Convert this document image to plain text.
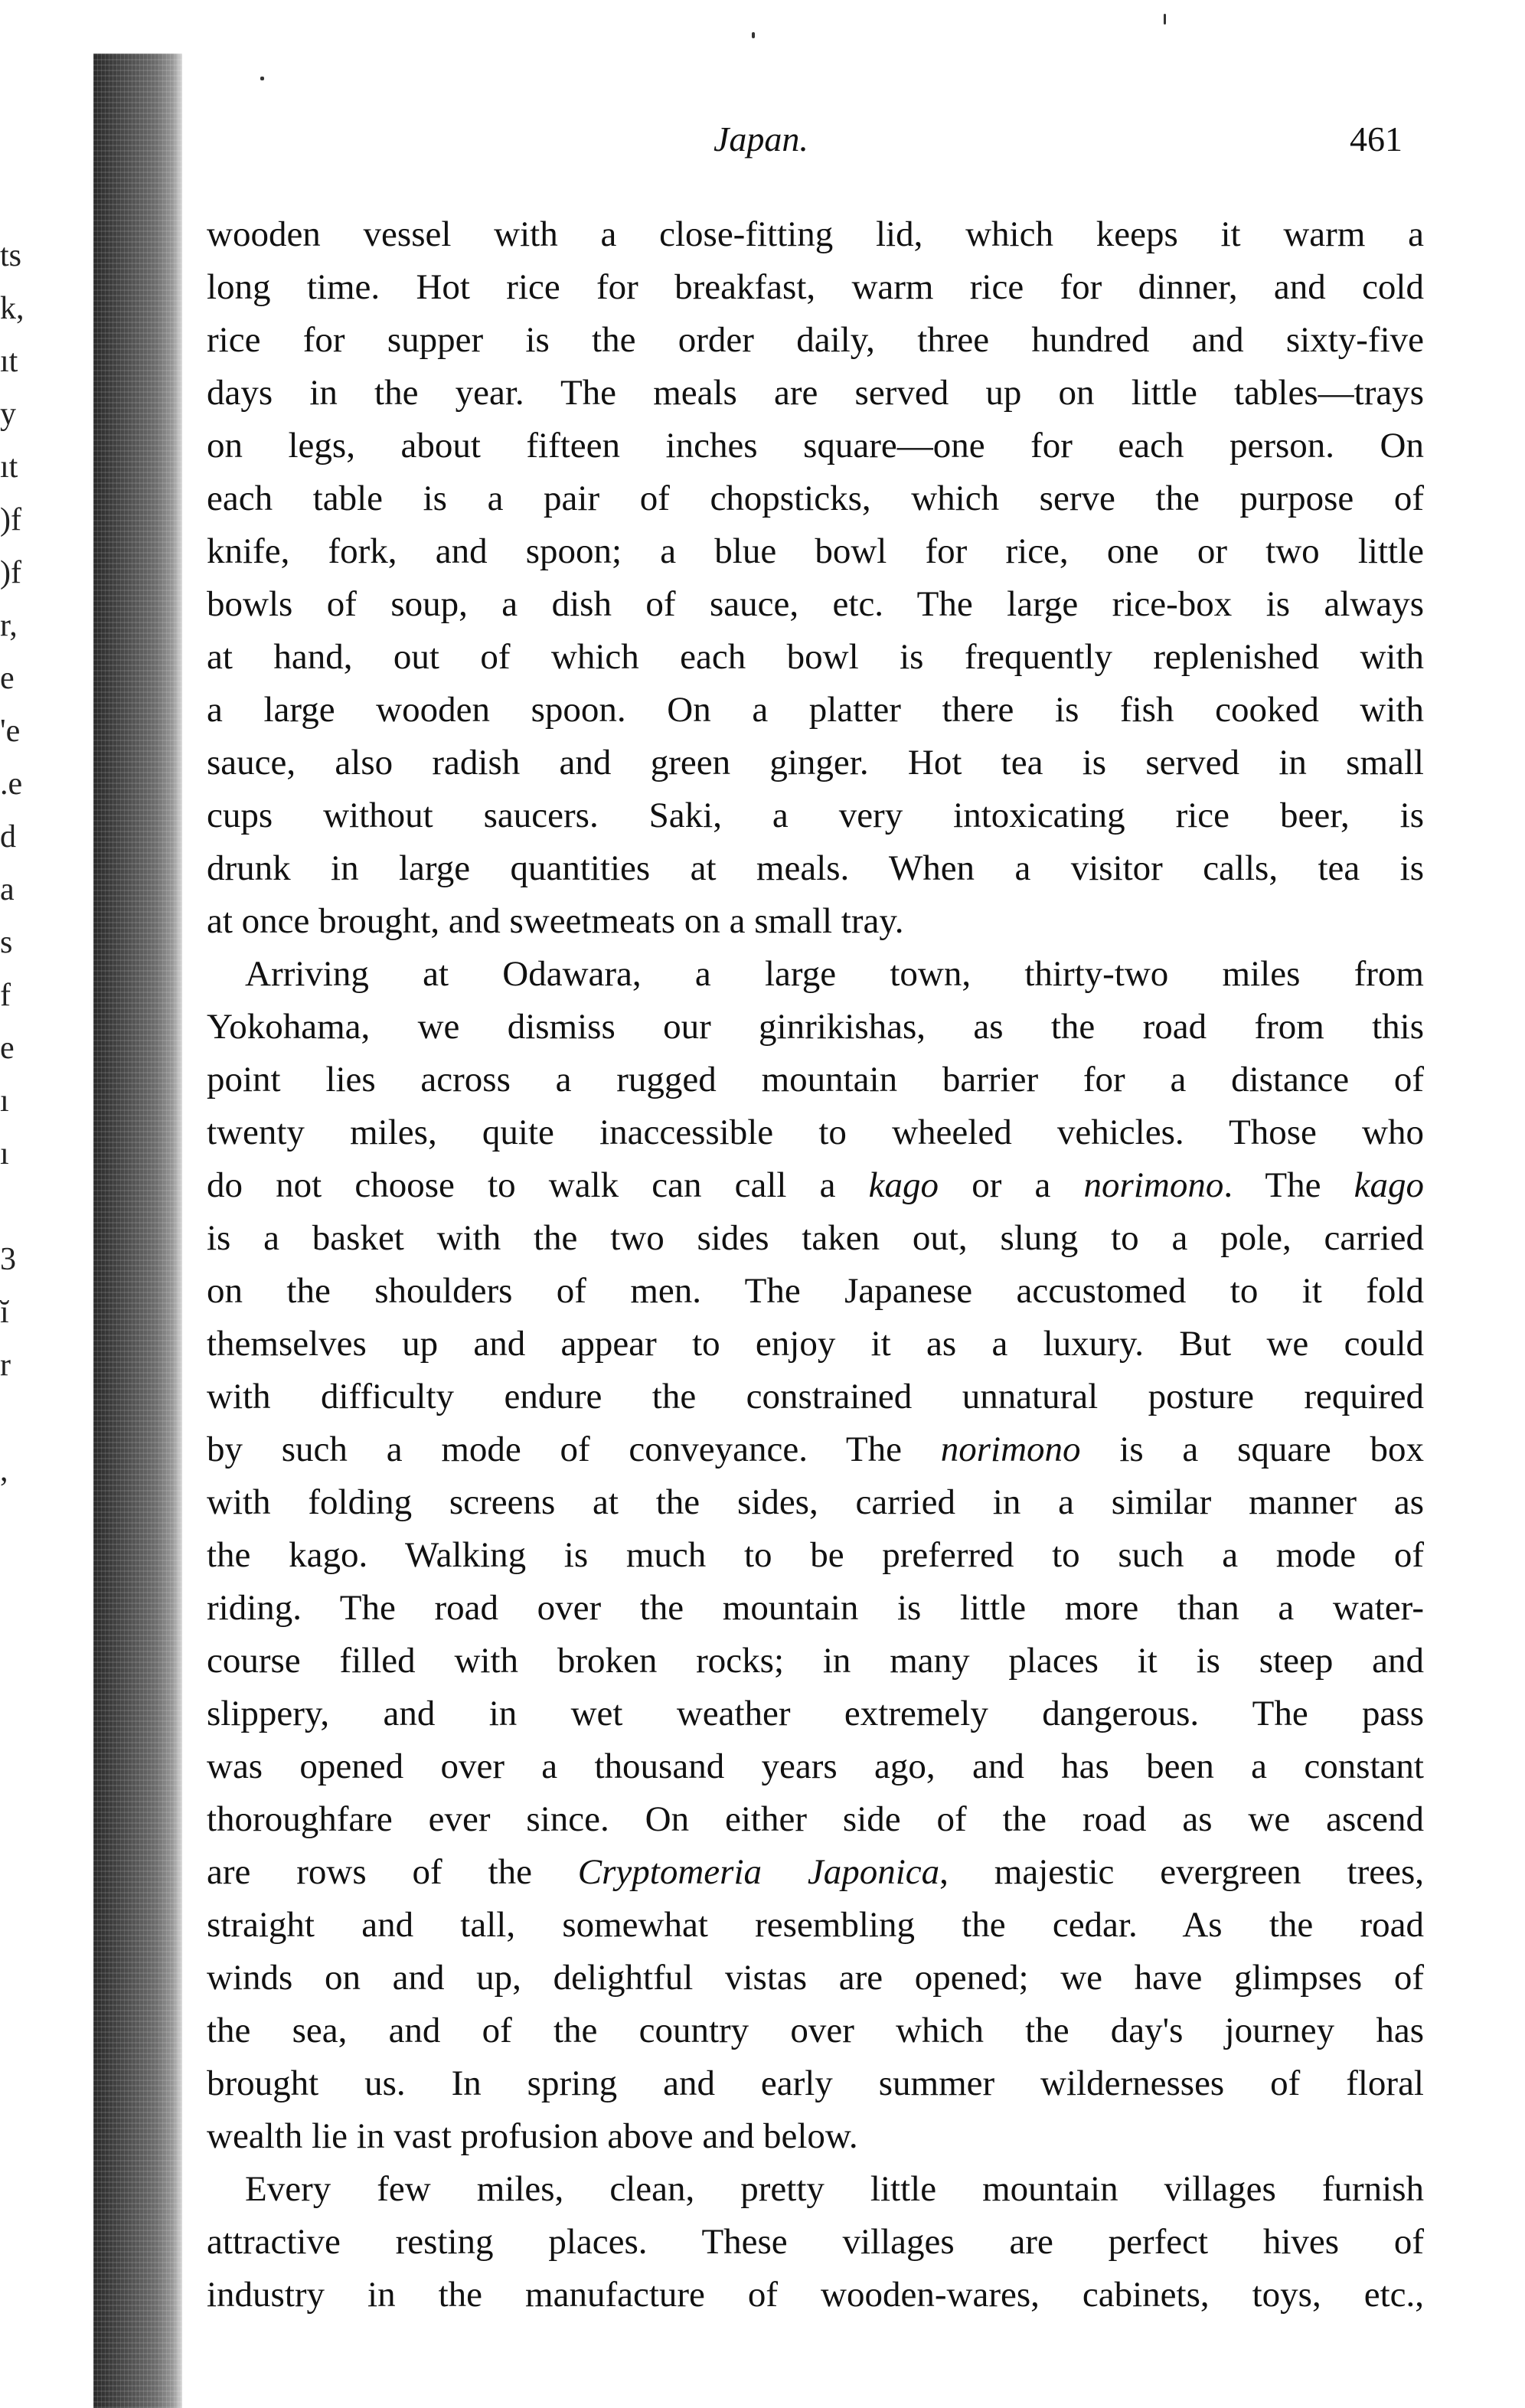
ts
k,
ıt
y
ıt
)f
)f
r,
e
'e
.e
d
a
s
f
e
ı
ı
3
ĭ
r
,
Japan.	461
wooden vessel with a close-fitting lid, which keeps it warm a
long time. Hot rice for breakfast, warm rice for dinner, and cold
rice for supper is the order daily, three hundred and sixty-five
days in the year. The meals are served up on little tables—trays
on legs, about fifteen inches square—one for each person. On
each table is a pair of chopsticks, which serve the purpose of
knife, fork, and spoon; a blue bowl for rice, one or two little
bowls of soup, a dish of sauce, etc. The large rice-box is always
at hand, out of which each bowl is frequently replenished with
a large wooden spoon. On a platter there is fish cooked with
sauce, also radish and green ginger. Hot tea is served in small
cups without saucers. Saki, a very intoxicating rice beer, is
drunk in large quantities at meals. When a visitor calls, tea is
at once brought, and sweetmeats on a small tray.
Arriving at Odawara, a large town, thirty-two miles from
Yokohama, we dismiss our ginrikishas, as the road from this
point lies across a rugged mountain barrier for a distance of
twenty miles, quite inaccessible to wheeled vehicles. Those who
do not choose to walk can call a kago or a norimono. The kago
is a basket with the two sides taken out, slung to a pole, carried
on the shoulders of men. The Japanese accustomed to it fold
themselves up and appear to enjoy it as a luxury. But we could
with difficulty endure the constrained unnatural posture required
by such a mode of conveyance. The norimono is a square box
with folding screens at the sides, carried in a similar manner as
the kago. Walking is much to be preferred to such a mode of
riding. The road over the mountain is little more than a water-
course filled with broken rocks; in many places it is steep and
slippery, and in wet weather extremely dangerous. The pass
was opened over a thousand years ago, and has been a constant
thoroughfare ever since. On either side of the road as we ascend
are rows of the Cryptomeria Japonica, majestic evergreen trees,
straight and tall, somewhat resembling the cedar. As the road
winds on and up, delightful vistas are opened; we have glimpses of
the sea, and of the country over which the day's journey has
brought us. In spring and early summer wildernesses of floral
wealth lie in vast profusion above and below.
Every few miles, clean, pretty little mountain villages furnish
attractive resting places. These villages are perfect hives of
industry in the manufacture of wooden-wares, cabinets, toys, etc.,
